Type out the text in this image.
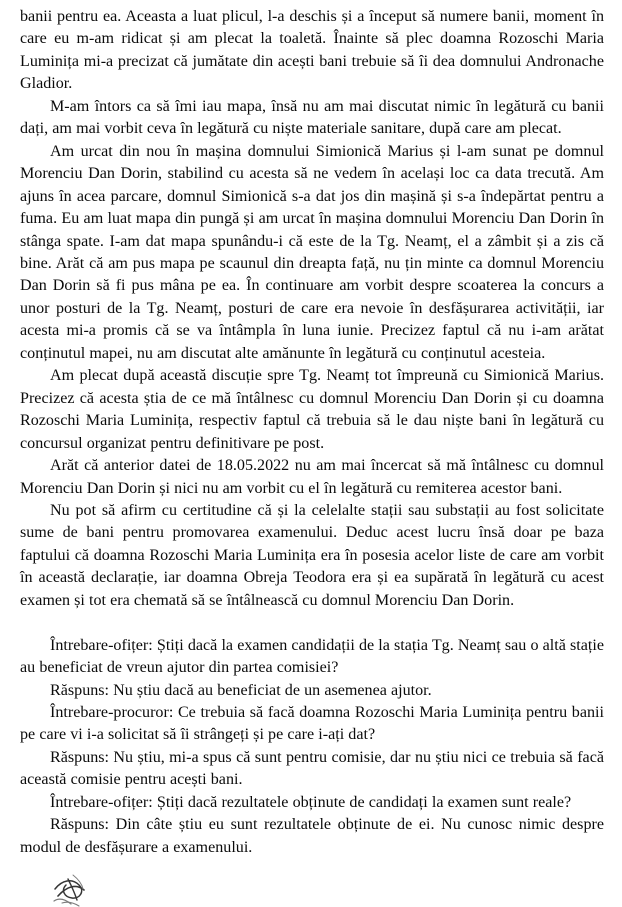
banii pentru ea. Aceasta a luat plicul, l-a deschis și a început să numere banii, moment în care eu m-am ridicat și am plecat la toaletă. Înainte să plec doamna Rozoschi Maria Luminița mi-a precizat că jumătate din acești bani trebuie să îi dea domnului Andronache Gladior.

M-am întors ca să îmi iau mapa, însă nu am mai discutat nimic în legătură cu banii dați, am mai vorbit ceva în legătură cu niște materiale sanitare, după care am plecat.

Am urcat din nou în mașina domnului Simionică Marius și l-am sunat pe domnul Morenciu Dan Dorin, stabilind cu acesta să ne vedem în același loc ca data trecută. Am ajuns în acea parcare, domnul Simionică s-a dat jos din mașină și s-a îndepărtat pentru a fuma. Eu am luat mapa din pungă și am urcat în mașina domnului Morenciu Dan Dorin în stânga spate. I-am dat mapa spunându-i că este de la Tg. Neamț, el a zâmbit și a zis că bine. Arăt că am pus mapa pe scaunul din dreapta față, nu țin minte ca domnul Morenciu Dan Dorin să fi pus mâna pe ea. În continuare am vorbit despre scoaterea la concurs a unor posturi de la Tg. Neamț, posturi de care era nevoie în desfășurarea activității, iar acesta mi-a promis că se va întâmpla în luna iunie. Precizez faptul că nu i-am arătat conținutul mapei, nu am discutat alte amănunte în legătură cu conținutul acesteia.

Am plecat după această discuție spre Tg. Neamț tot împreună cu Simionică Marius. Precizez că acesta știa de ce mă întâlnesc cu domnul Morenciu Dan Dorin și cu doamna Rozoschi Maria Luminița, respectiv faptul că trebuia să le dau niște bani în legătură cu concursul organizat pentru definitivare pe post.

Arăt că anterior datei de 18.05.2022 nu am mai încercat să mă întâlnesc cu domnul Morenciu Dan Dorin și nici nu am vorbit cu el în legătură cu remiterea acestor bani.

Nu pot să afirm cu certitudine că și la celelalte stații sau substații au fost solicitate sume de bani pentru promovarea examenului. Deduc acest lucru însă doar pe baza faptului că doamna Rozoschi Maria Luminița era în posesia acelor liste de care am vorbit în această declarație, iar doamna Obreja Teodora era și ea supărată în legătură cu acest examen și tot era chemată să se întâlnească cu domnul Morenciu Dan Dorin.

Întrebare-ofițer: Știți dacă la examen candidații de la stația Tg. Neamț sau o altă stație au beneficiat de vreun ajutor din partea comisiei?

Răspuns: Nu știu dacă au beneficiat de un asemenea ajutor.

Întrebare-procuror: Ce trebuia să facă doamna Rozoschi Maria Luminița pentru banii pe care vi i-a solicitat să îi strângeți și pe care i-ați dat?

Răspuns: Nu știu, mi-a spus că sunt pentru comisie, dar nu știu nici ce trebuia să facă această comisie pentru acești bani.

Întrebare-ofițer: Știți dacă rezultatele obținute de candidați la examen sunt reale?

Răspuns: Din câte știu eu sunt rezultatele obținute de ei. Nu cunosc nimic despre modul de desfășurare a examenului.
